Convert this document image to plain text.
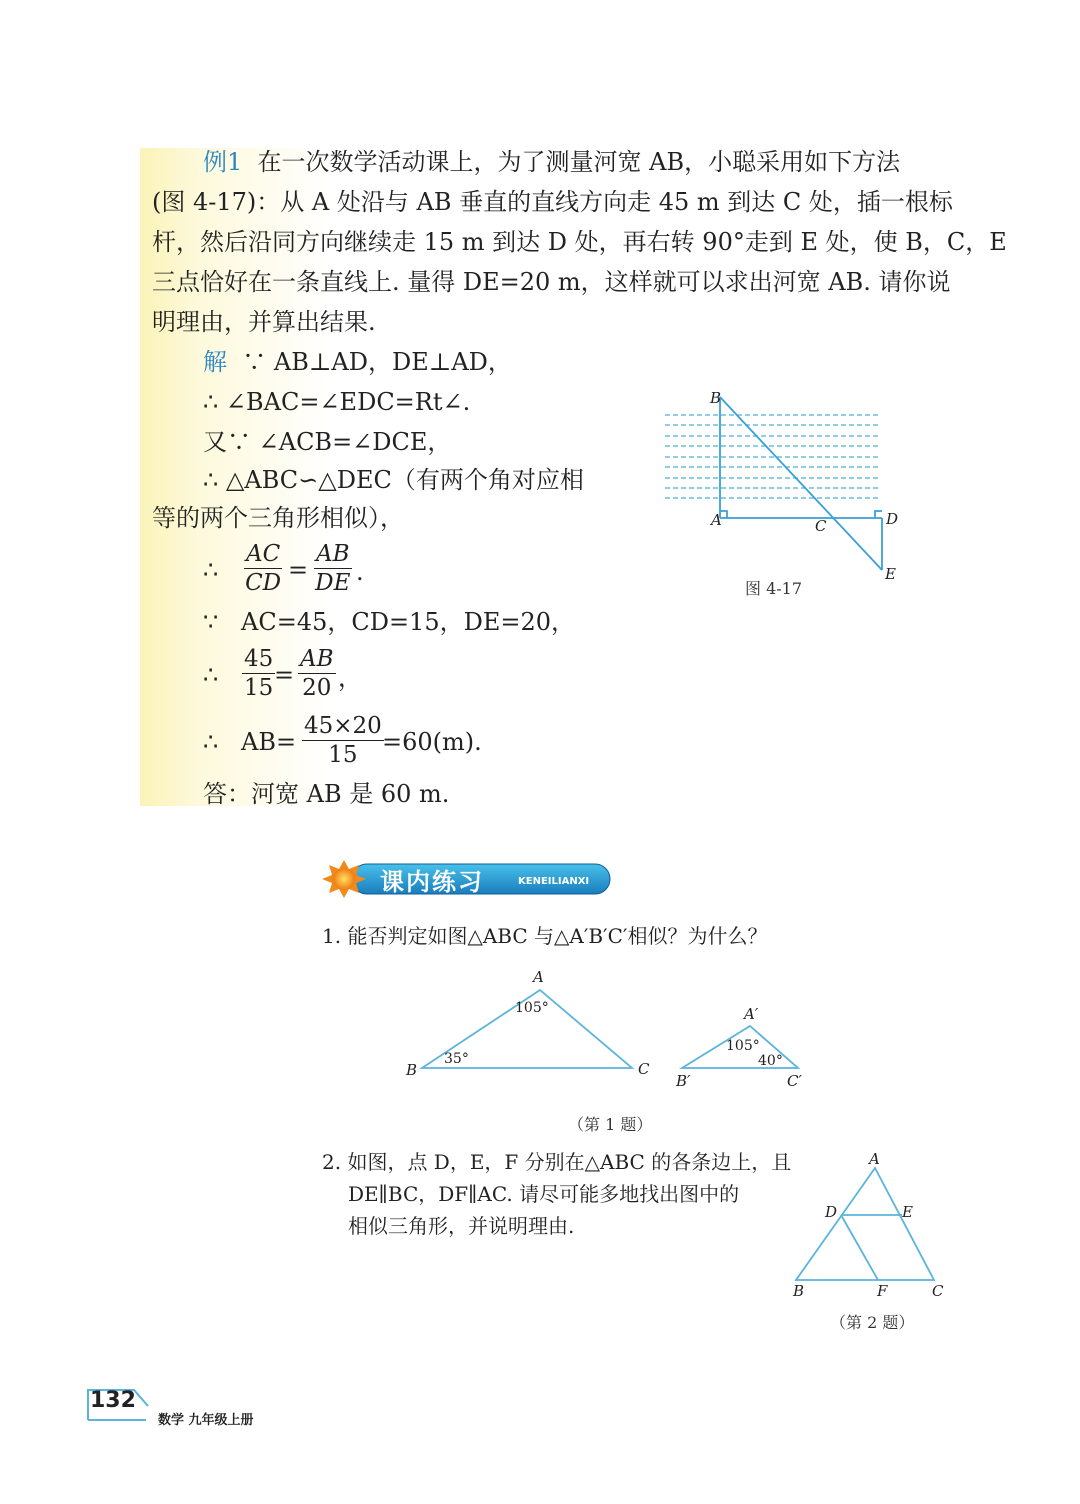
例1 在一次数学活动课上，为了测量河宽 AB，小聪采用如下方法
(图 4-17)：从 A 处沿与 AB 垂直的直线方向走 45 m 到达 C 处，插一根标
杆，然后沿同方向继续走 15 m 到达 D 处，再右转 90°走到 E 处，使 B，C，E
三点恰好在一条直线上. 量得 DE=20 m，这样就可以求出河宽 AB. 请你说
明理由，并算出结果.
解 ∵ AB⊥AD，DE⊥AD，
∴ ∠BAC=∠EDC=Rt∠.
又∵ ∠ACB=∠DCE，
∴ △ABC∽△DEC（有两个角对应相
等的两个三角形相似），
∴ $\frac{AC}{CD} = \frac{AB}{DE}$ .
∵ AC=45，CD=15，DE=20，
∴ $\frac{45}{15}$
= $\frac{AB}{20}$ ，
∴ $AB= \frac{45\times 20}{15}$
=60(m).
答：河宽 AB 是 60 m.
B
A	C	D
E
图 4-17
课内练习	KENEILIANXI
1. 能否判定如图△ABC 与△A′B′C′相似？为什么？
A
B	C
105°
35°
A′
B′	C′
105°
40°
（第 1 题）
2. 如图，点 D，E，F 分别在△ABC 的各条边上，且
DE∥BC，DF∥AC. 请尽可能多地找出图中的
相似三角形，并说明理由.
A
D	E
B	F	C
（第 2 题）
132
数学 九年级上册
